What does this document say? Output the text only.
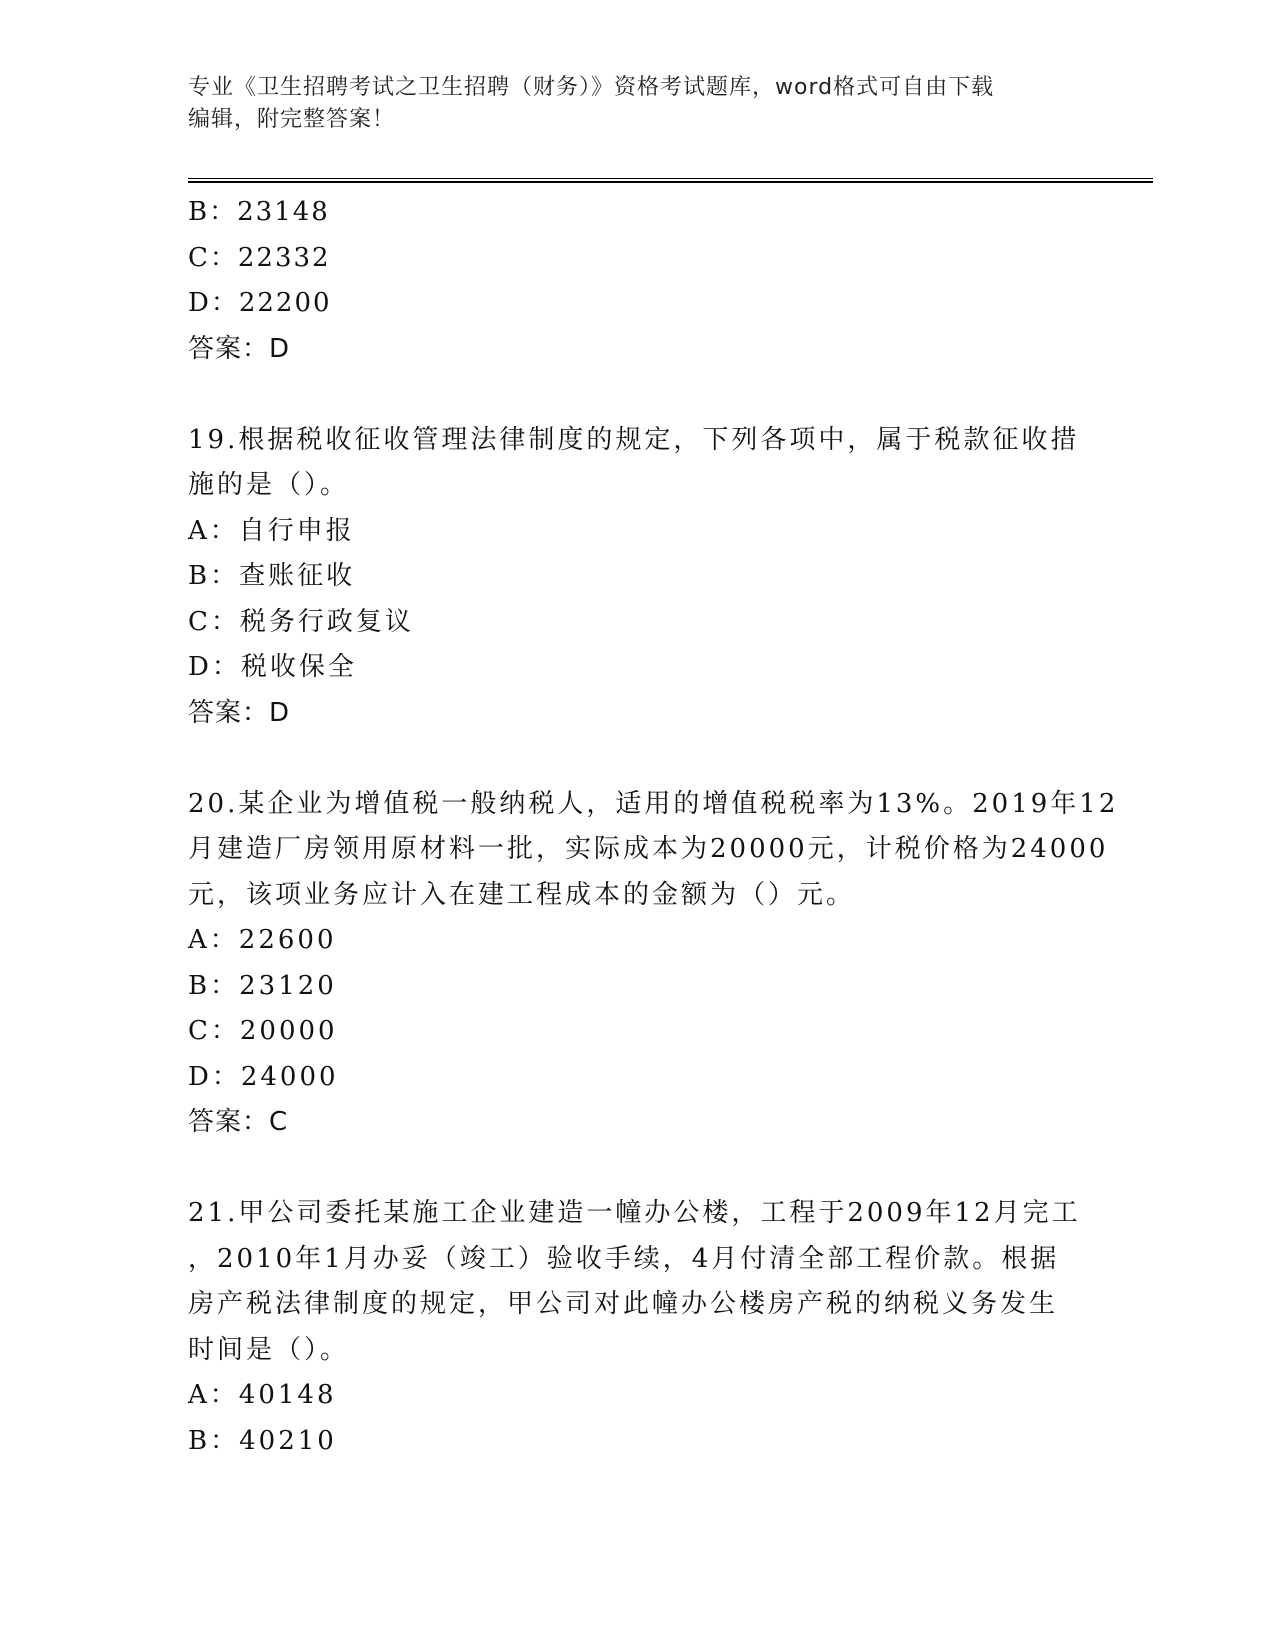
专业《卫生招聘考试之卫生招聘（财务）》资格考试题库，word格式可自由下载
编辑，附完整答案！
B：23148
C：22332
D：22200
答案：D
19.根据税收征收管理法律制度的规定，下列各项中，属于税款征收措
施的是（）。
A：自行申报
B：查账征收
C：税务行政复议
D：税收保全
答案：D
20.某企业为增值税一般纳税人，适用的增值税税率为13%。2019年12
月建造厂房领用原材料一批，实际成本为20000元，计税价格为24000
元，该项业务应计入在建工程成本的金额为（）元。
A：22600
B：23120
C：20000
D：24000
答案：C
21.甲公司委托某施工企业建造一幢办公楼，工程于2009年12月完工
，2010年1月办妥（竣工）验收手续，4月付清全部工程价款。根据
房产税法律制度的规定，甲公司对此幢办公楼房产税的纳税义务发生
时间是（）。
A：40148
B：40210
